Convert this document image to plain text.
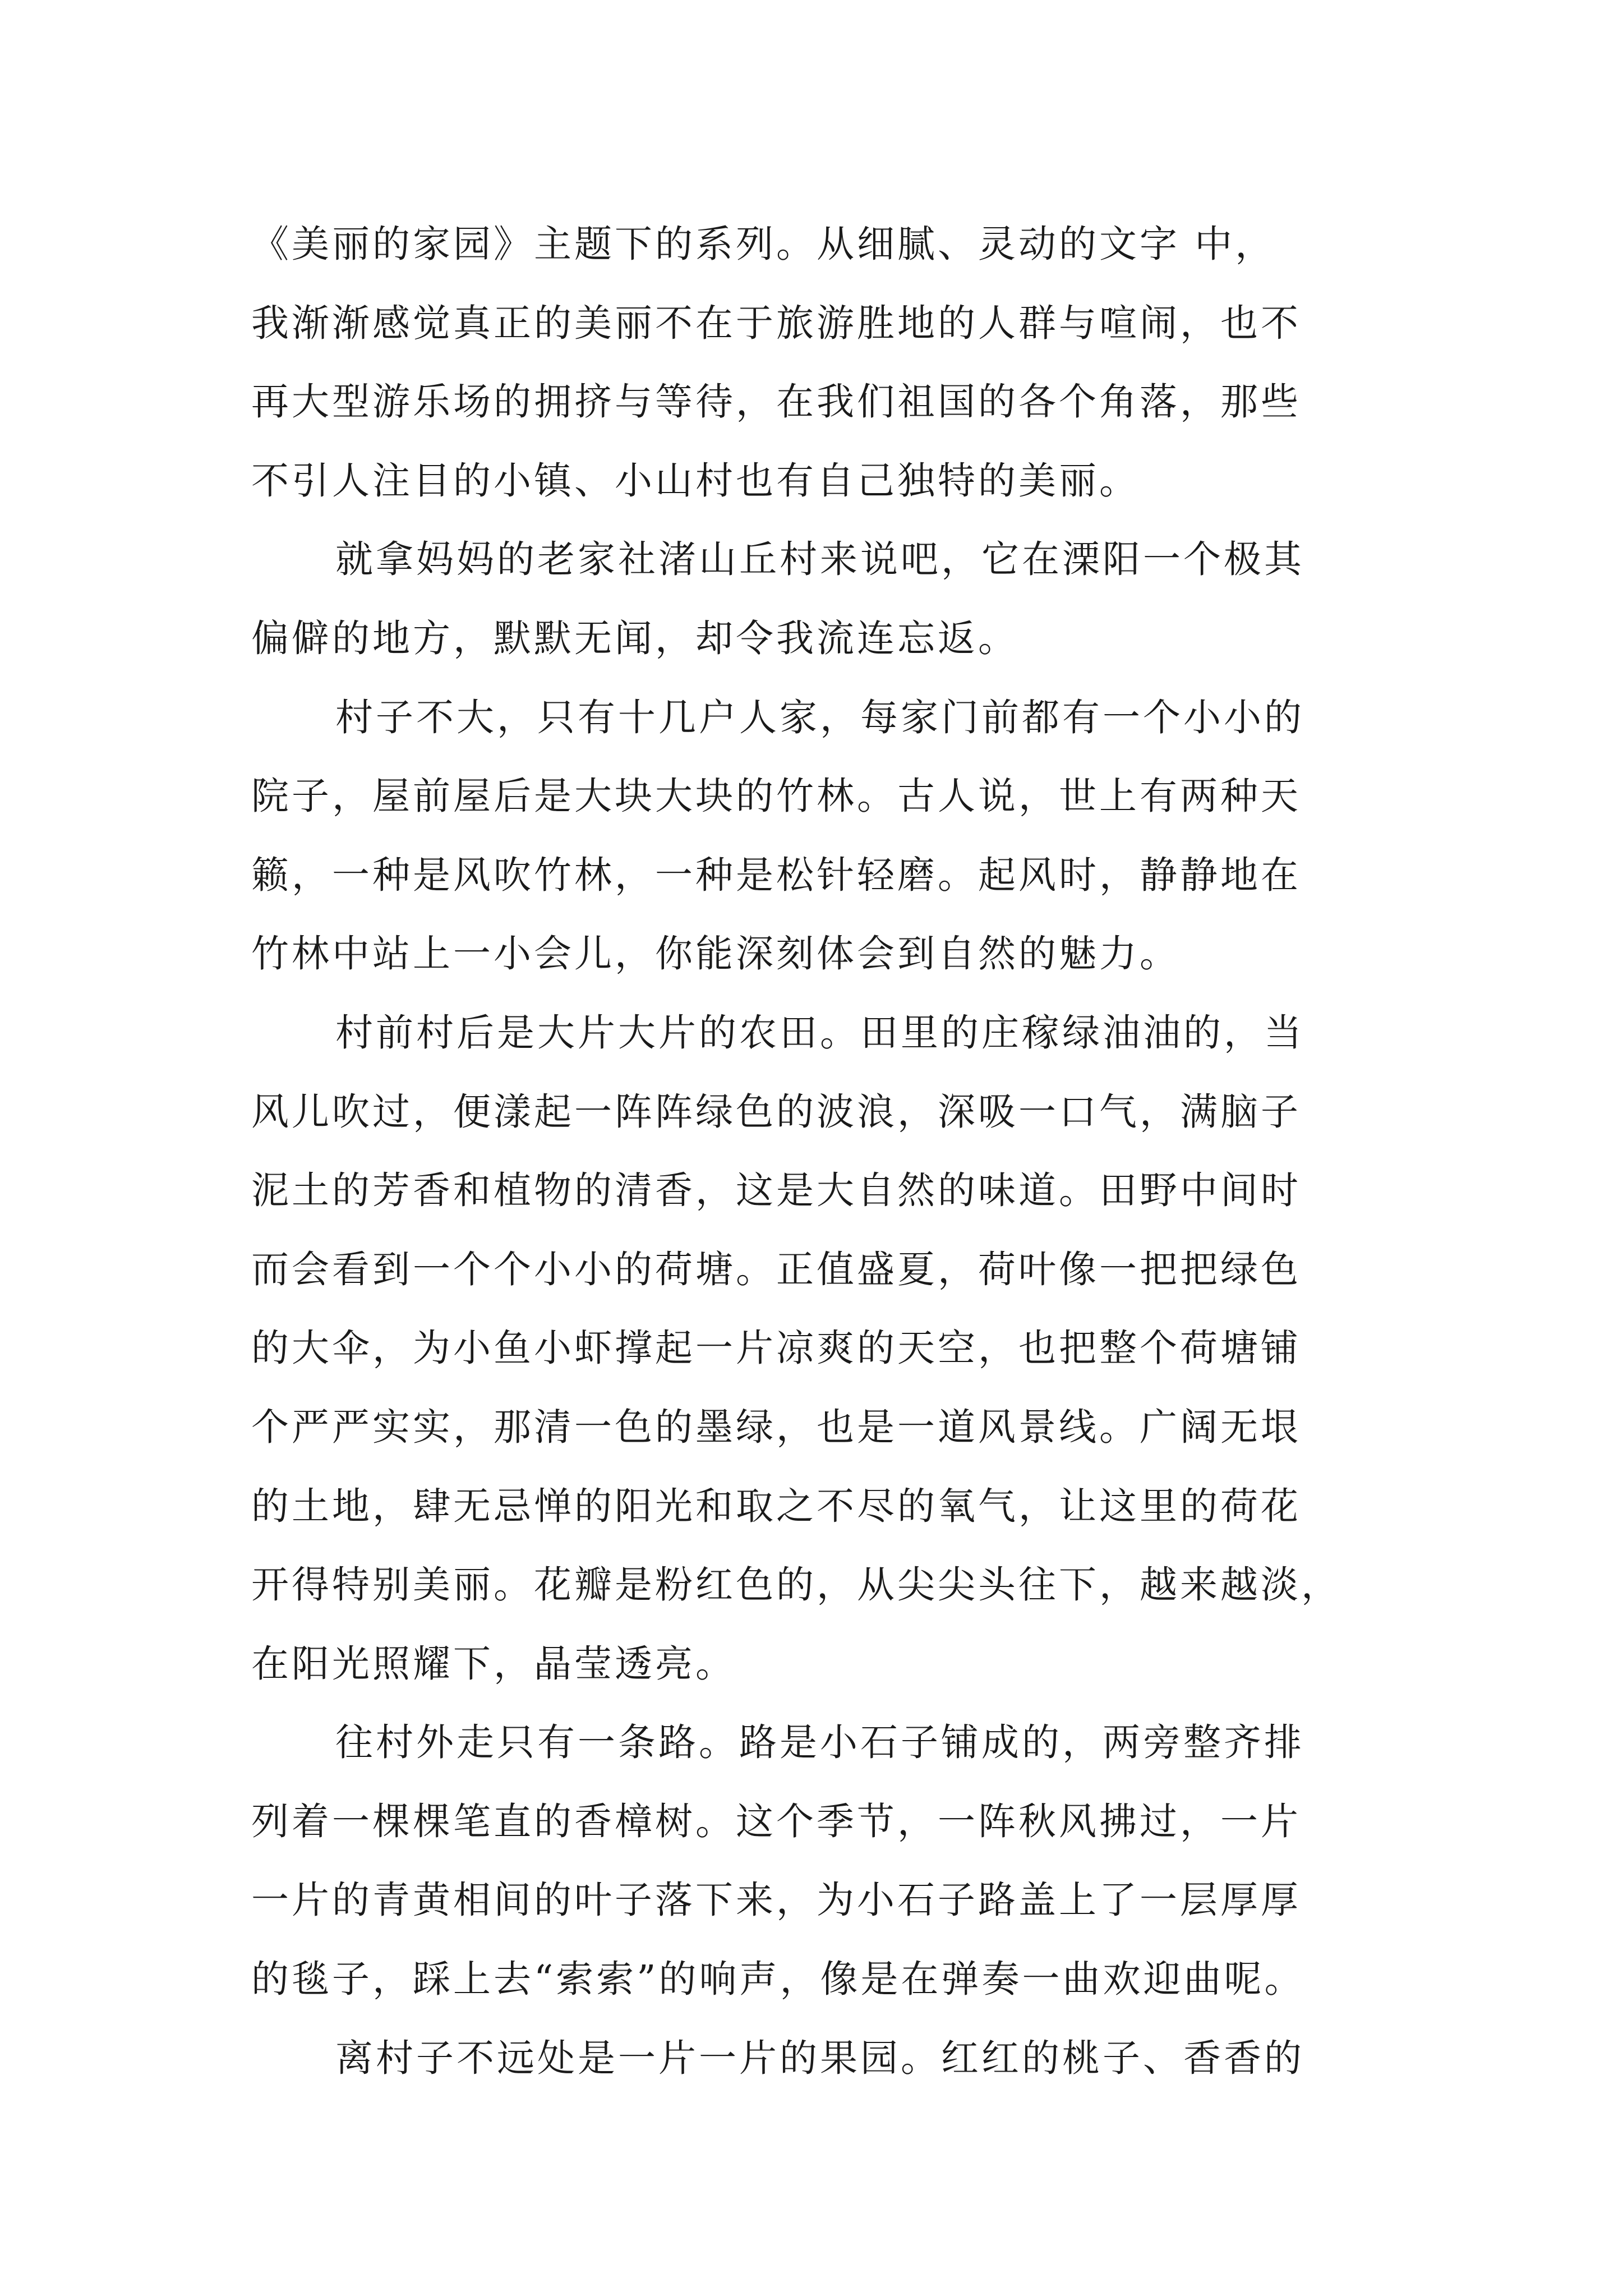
《美丽的家园》主题下的系列。从细腻、灵动的文字 中，
我渐渐感觉真正的美丽不在于旅游胜地的人群与喧闹，也不
再大型游乐场的拥挤与等待，在我们祖国的各个角落，那些
不引人注目的小镇、小山村也有自己独特的美丽。
就拿妈妈的老家社渚山丘村来说吧，它在溧阳一个极其
偏僻的地方，默默无闻，却令我流连忘返。
村子不大，只有十几户人家，每家门前都有一个小小的
院子，屋前屋后是大块大块的竹林。古人说，世上有两种天
籁，一种是风吹竹林，一种是松针轻磨。起风时，静静地在
竹林中站上一小会儿，你能深刻体会到自然的魅力。
村前村后是大片大片的农田。田里的庄稼绿油油的，当
风儿吹过，便漾起一阵阵绿色的波浪，深吸一口气，满脑子
泥土的芳香和植物的清香，这是大自然的味道。田野中间时
而会看到一个个小小的荷塘。正值盛夏，荷叶像一把把绿色
的大伞，为小鱼小虾撑起一片凉爽的天空，也把整个荷塘铺
个严严实实，那清一色的墨绿，也是一道风景线。广阔无垠
的土地，肆无忌惮的阳光和取之不尽的氧气，让这里的荷花
开得特别美丽。花瓣是粉红色的，从尖尖头往下，越来越淡，
在阳光照耀下，晶莹透亮。
往村外走只有一条路。路是小石子铺成的，两旁整齐排
列着一棵棵笔直的香樟树。这个季节，一阵秋风拂过，一片
一片的青黄相间的叶子落下来，为小石子路盖上了一层厚厚
的毯子，踩上去“索索”的响声，像是在弹奏一曲欢迎曲呢。
离村子不远处是一片一片的果园。红红的桃子、香香的
